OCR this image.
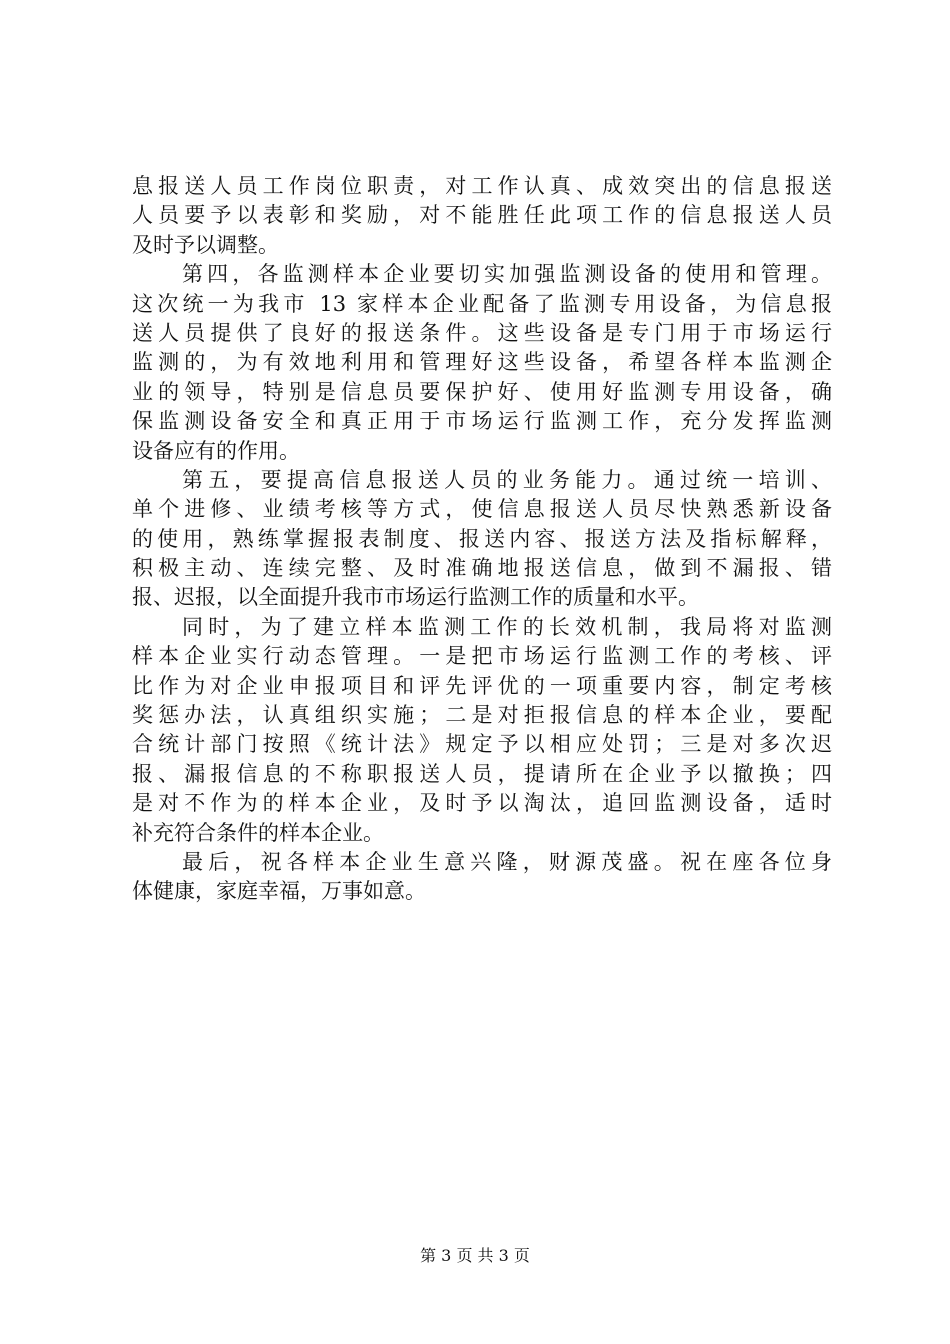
息报送人员工作岗位职责，对工作认真、成效突出的信息报送
人员要予以表彰和奖励，对不能胜任此项工作的信息报送人员
及时予以调整。
第四，各监测样本企业要切实加强监测设备的使用和管理。
这次统一为我市 13 家样本企业配备了监测专用设备，为信息报
送人员提供了良好的报送条件。这些设备是专门用于市场运行
监测的，为有效地利用和管理好这些设备，希望各样本监测企
业的领导，特别是信息员要保护好、使用好监测专用设备，确
保监测设备安全和真正用于市场运行监测工作，充分发挥监测
设备应有的作用。
第五，要提高信息报送人员的业务能力。通过统一培训、
单个进修、业绩考核等方式，使信息报送人员尽快熟悉新设备
的使用，熟练掌握报表制度、报送内容、报送方法及指标解释，
积极主动、连续完整、及时准确地报送信息，做到不漏报、错
报、迟报，以全面提升我市市场运行监测工作的质量和水平。
同时，为了建立样本监测工作的长效机制，我局将对监测
样本企业实行动态管理。一是把市场运行监测工作的考核、评
比作为对企业申报项目和评先评优的一项重要内容，制定考核
奖惩办法，认真组织实施；二是对拒报信息的样本企业，要配
合统计部门按照《统计法》规定予以相应处罚；三是对多次迟
报、漏报信息的不称职报送人员，提请所在企业予以撤换；四
是对不作为的样本企业，及时予以淘汰，追回监测设备，适时
补充符合条件的样本企业。
最后，祝各样本企业生意兴隆，财源茂盛。祝在座各位身
体健康，家庭幸福，万事如意。
第 3 页 共 3 页
